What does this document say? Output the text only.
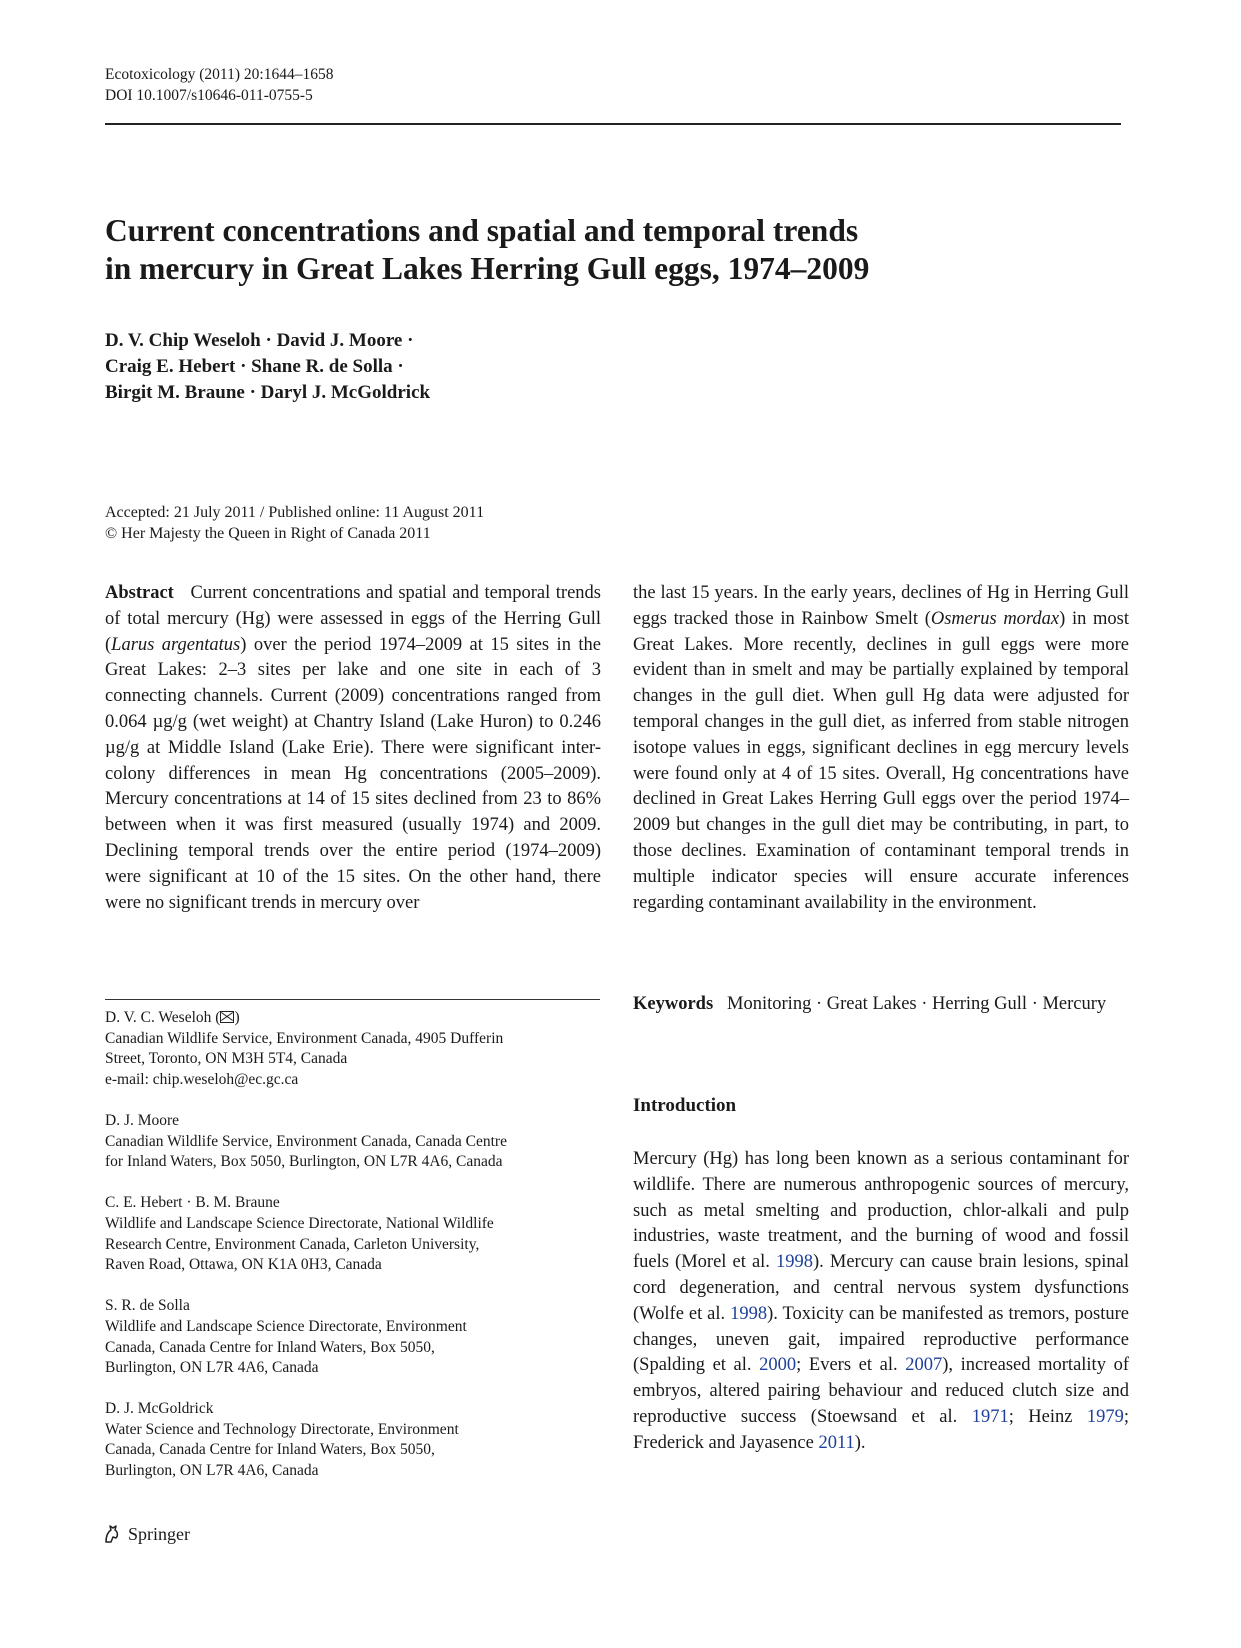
Ecotoxicology (2011) 20:1644–1658
DOI 10.1007/s10646-011-0755-5
Current concentrations and spatial and temporal trends
in mercury in Great Lakes Herring Gull eggs, 1974–2009
D. V. Chip Weseloh · David J. Moore ·
Craig E. Hebert · Shane R. de Solla ·
Birgit M. Braune · Daryl J. McGoldrick
Accepted: 21 July 2011 / Published online: 11 August 2011
© Her Majesty the Queen in Right of Canada 2011

Abstract Current concentrations and spatial and temporal trends of total mercury (Hg) were assessed in eggs of the Herring Gull (Larus argentatus) over the period 1974–2009 at 15 sites in the Great Lakes: 2–3 sites per lake and one site in each of 3 connecting channels. Current (2009) concentrations ranged from 0.064 µg/g (wet weight) at Chantry Island (Lake Huron) to 0.246 µg/g at Middle Island (Lake Erie). There were significant inter-colony differences in mean Hg concentrations (2005–2009). Mercury concentrations at 14 of 15 sites declined from 23 to 86% between when it was first measured (usually 1974) and 2009. Declining temporal trends over the entire period (1974–2009) were significant at 10 of the 15 sites. On the other hand, there were no significant trends in mercury over

the last 15 years. In the early years, declines of Hg in Herring Gull eggs tracked those in Rainbow Smelt (Osmerus mordax) in most Great Lakes. More recently, declines in gull eggs were more evident than in smelt and may be partially explained by temporal changes in the gull diet. When gull Hg data were adjusted for temporal changes in the gull diet, as inferred from stable nitrogen isotope values in eggs, significant declines in egg mercury levels were found only at 4 of 15 sites. Overall, Hg concentrations have declined in Great Lakes Herring Gull eggs over the period 1974–2009 but changes in the gull diet may be contributing, in part, to those declines. Examination of contaminant temporal trends in multiple indicator species will ensure accurate inferences regarding contaminant availability in the environment.

D. V. C. Weseloh ( )
Canadian Wildlife Service, Environment Canada, 4905 Dufferin
Street, Toronto, ON M3H 5T4, Canada
e-mail: chip.weseloh@ec.gc.ca
D. J. Moore
Canadian Wildlife Service, Environment Canada, Canada Centre
for Inland Waters, Box 5050, Burlington, ON L7R 4A6, Canada
C. E. Hebert · B. M. Braune
Wildlife and Landscape Science Directorate, National Wildlife
Research Centre, Environment Canada, Carleton University,
Raven Road, Ottawa, ON K1A 0H3, Canada
S. R. de Solla
Wildlife and Landscape Science Directorate, Environment
Canada, Canada Centre for Inland Waters, Box 5050,
Burlington, ON L7R 4A6, Canada
D. J. McGoldrick
Water Science and Technology Directorate, Environment
Canada, Canada Centre for Inland Waters, Box 5050,
Burlington, ON L7R 4A6, Canada

Keywords Monitoring · Great Lakes · Herring Gull · Mercury

Introduction

Mercury (Hg) has long been known as a serious contaminant for wildlife. There are numerous anthropogenic sources of mercury, such as metal smelting and production, chlor-alkali and pulp industries, waste treatment, and the burning of wood and fossil fuels (Morel et al. 1998). Mercury can cause brain lesions, spinal cord degeneration, and central nervous system dysfunctions (Wolfe et al. 1998). Toxicity can be manifested as tremors, posture changes, uneven gait, impaired reproductive performance (Spalding et al. 2000; Evers et al. 2007), increased mortality of embryos, altered pairing behaviour and reduced clutch size and reproductive success (Stoewsand et al. 1971; Heinz 1979; Frederick and Jayasence 2011).

Springer
